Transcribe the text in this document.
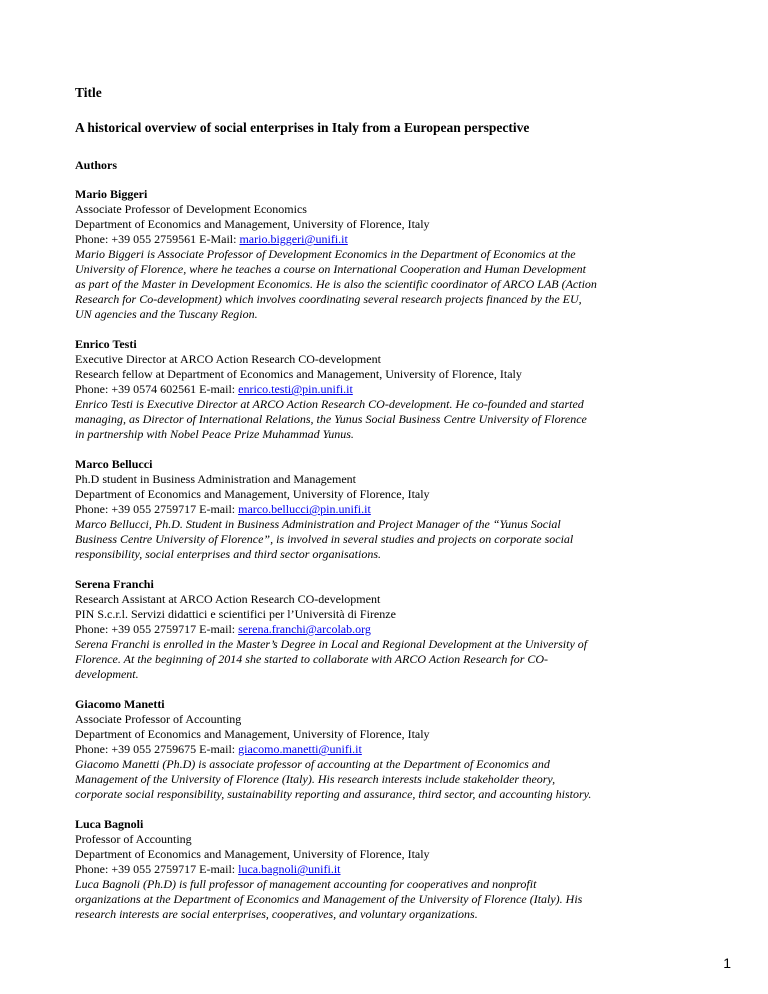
Title
A historical overview of social enterprises in Italy from a European perspective
Authors
Mario Biggeri
Associate Professor of Development Economics
Department of Economics and Management, University of Florence, Italy
Phone: +39 055 2759561 E-Mail: mario.biggeri@unifi.it
Mario Biggeri is Associate Professor of Development Economics in the Department of Economics at the
University of Florence, where he teaches a course on International Cooperation and Human Development
as part of the Master in Development Economics. He is also the scientific coordinator of ARCO LAB (Action
Research for Co-development) which involves coordinating several research projects financed by the EU,
UN agencies and the Tuscany Region.
Enrico Testi
Executive Director at ARCO Action Research CO-development
Research fellow at Department of Economics and Management, University of Florence, Italy
Phone: +39 0574 602561 E-mail: enrico.testi@pin.unifi.it
Enrico Testi is Executive Director at ARCO Action Research CO-development. He co-founded and started
managing, as Director of International Relations, the Yunus Social Business Centre University of Florence
in partnership with Nobel Peace Prize Muhammad Yunus.
Marco Bellucci
Ph.D student in Business Administration and Management
Department of Economics and Management, University of Florence, Italy
Phone: +39 055 2759717 E-mail: marco.bellucci@pin.unifi.it
Marco Bellucci, Ph.D. Student in Business Administration and Project Manager of the “Yunus Social
Business Centre University of Florence”, is involved in several studies and projects on corporate social
responsibility, social enterprises and third sector organisations.
Serena Franchi
Research Assistant at ARCO Action Research CO-development
PIN S.c.r.l. Servizi didattici e scientifici per l’Università di Firenze
Phone: +39 055 2759717 E-mail: serena.franchi@arcolab.org
Serena Franchi is enrolled in the Master’s Degree in Local and Regional Development at the University of
Florence. At the beginning of 2014 she started to collaborate with ARCO Action Research for CO-
development.
Giacomo Manetti
Associate Professor of Accounting
Department of Economics and Management, University of Florence, Italy
Phone: +39 055 2759675 E-mail: giacomo.manetti@unifi.it
Giacomo Manetti (Ph.D) is associate professor of accounting at the Department of Economics and
Management of the University of Florence (Italy). His research interests include stakeholder theory,
corporate social responsibility, sustainability reporting and assurance, third sector, and accounting history.
Luca Bagnoli
Professor of Accounting
Department of Economics and Management, University of Florence, Italy
Phone: +39 055 2759717 E-mail: luca.bagnoli@unifi.it
Luca Bagnoli (Ph.D) is full professor of management accounting for cooperatives and nonprofit
organizations at the Department of Economics and Management of the University of Florence (Italy). His
research interests are social enterprises, cooperatives, and voluntary organizations.
1
